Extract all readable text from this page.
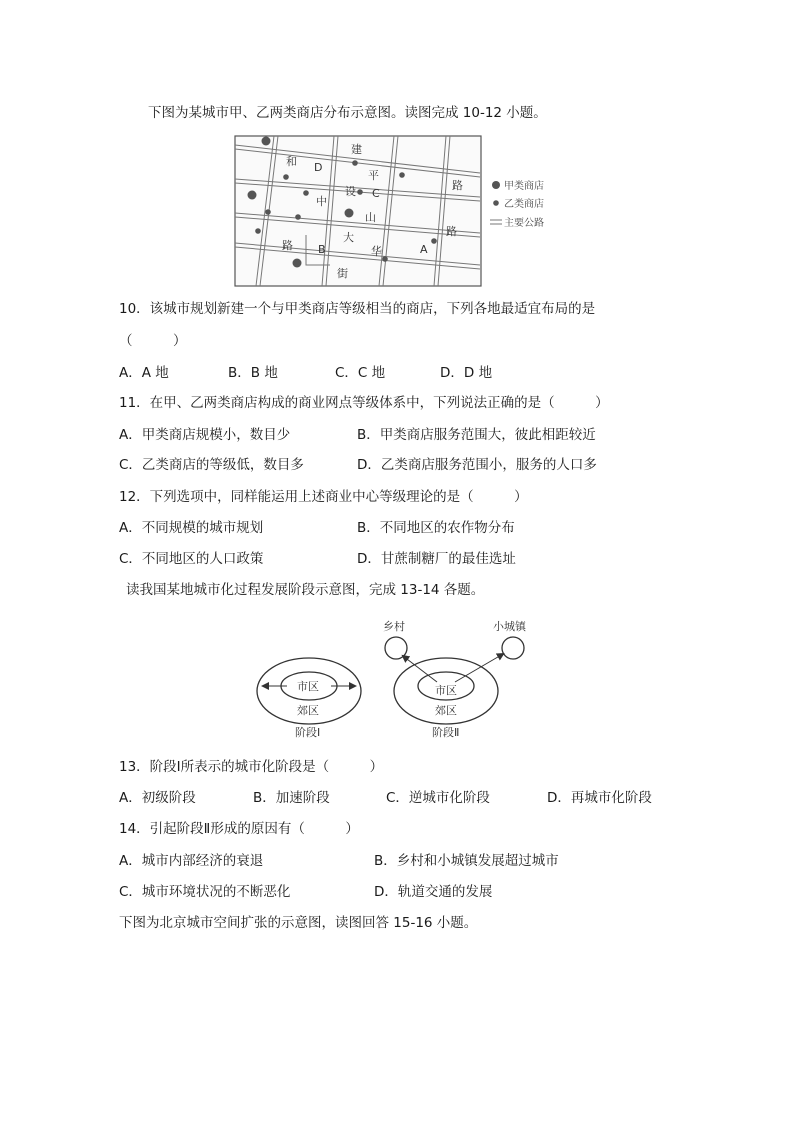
下图为某城市甲、乙两类商店分布示意图。读图完成 10-12 小题。
建
和
平
D
C
中
设
山
路
路
大
华
路 B	A
街
甲类商店
乙类商店
主要公路
10．该城市规划新建一个与甲类商店等级相当的商店，下列各地最适宜布局的是
（　　　）
A．A 地	B．B 地	C．C 地	D．D 地
11．在甲、乙两类商店构成的商业网点等级体系中，下列说法正确的是（　　　）
A．甲类商店规模小，数目少	B．甲类商店服务范围大，彼此相距较近
C．乙类商店的等级低，数目多	D．乙类商店服务范围小，服务的人口多
12．下列选项中，同样能运用上述商业中心等级理论的是（　　　）
A．不同规模的城市规划	B．不同地区的农作物分布
C．不同地区的人口政策	D．甘蔗制糖厂的最佳选址
读我国某地城市化过程发展阶段示意图，完成 13-14 各题。
市区
郊区
阶段Ⅰ
乡村	小城镇
市区
郊区
阶段Ⅱ
13．阶段Ⅰ所表示的城市化阶段是（　　　）
A．初级阶段	B．加速阶段	C．逆城市化阶段	D．再城市化阶段
14．引起阶段Ⅱ形成的原因有（　　　）
A．城市内部经济的衰退	B．乡村和小城镇发展超过城市
C．城市环境状况的不断恶化	D．轨道交通的发展
下图为北京城市空间扩张的示意图，读图回答 15-16 小题。
